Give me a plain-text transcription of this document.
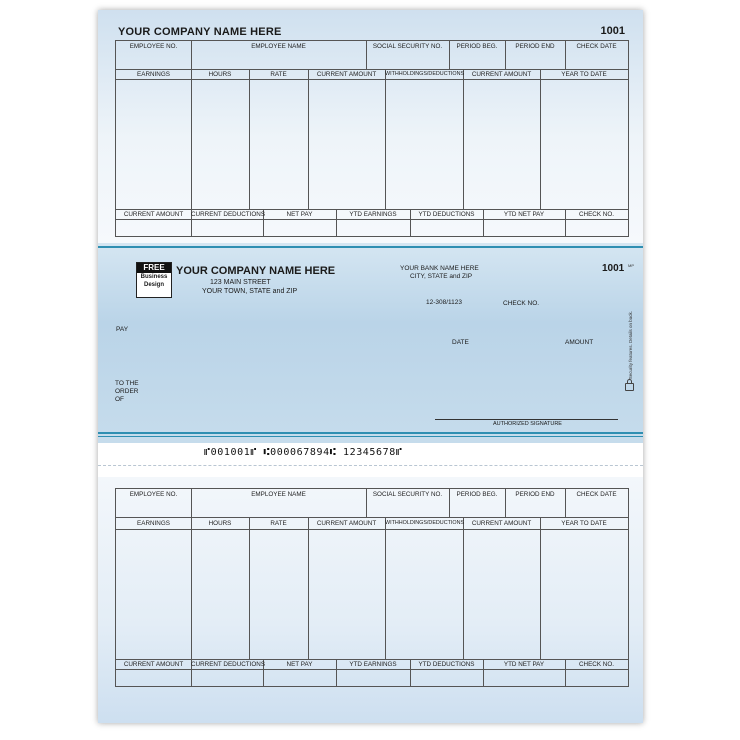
YOUR COMPANY NAME HERE	1001
EMPLOYEE NO.	EMPLOYEE NAME	SOCIAL SECURITY NO.	PERIOD BEG.	PERIOD END	CHECK DATE
EARNINGS	HOURS	RATE	CURRENT AMOUNT	WITHHOLDINGS/DEDUCTIONS	CURRENT AMOUNT	YEAR TO DATE
CURRENT AMOUNT	CURRENT DEDUCTIONS	NET PAY	YTD EARNINGS	YTD DEDUCTIONS	YTD NET PAY	CHECK NO.
FREE
Business
Design
YOUR COMPANY NAME HERE
123 MAIN STREET
YOUR TOWN, STATE and ZIP
YOUR BANK NAME HERE
CITY, STATE and ZIP
1001 MP
12-308/1123	CHECK NO.
PAY
DATE	AMOUNT
TO THE
ORDER
OF
AUTHORIZED SIGNATURE
Security features. Details on back.
⑈001001⑈ ⑆000067894⑆ 12345678⑈
EMPLOYEE NO.	EMPLOYEE NAME	SOCIAL SECURITY NO.	PERIOD BEG.	PERIOD END	CHECK DATE
EARNINGS	HOURS	RATE	CURRENT AMOUNT	WITHHOLDINGS/DEDUCTIONS	CURRENT AMOUNT	YEAR TO DATE
CURRENT AMOUNT	CURRENT DEDUCTIONS	NET PAY	YTD EARNINGS	YTD DEDUCTIONS	YTD NET PAY	CHECK NO.
